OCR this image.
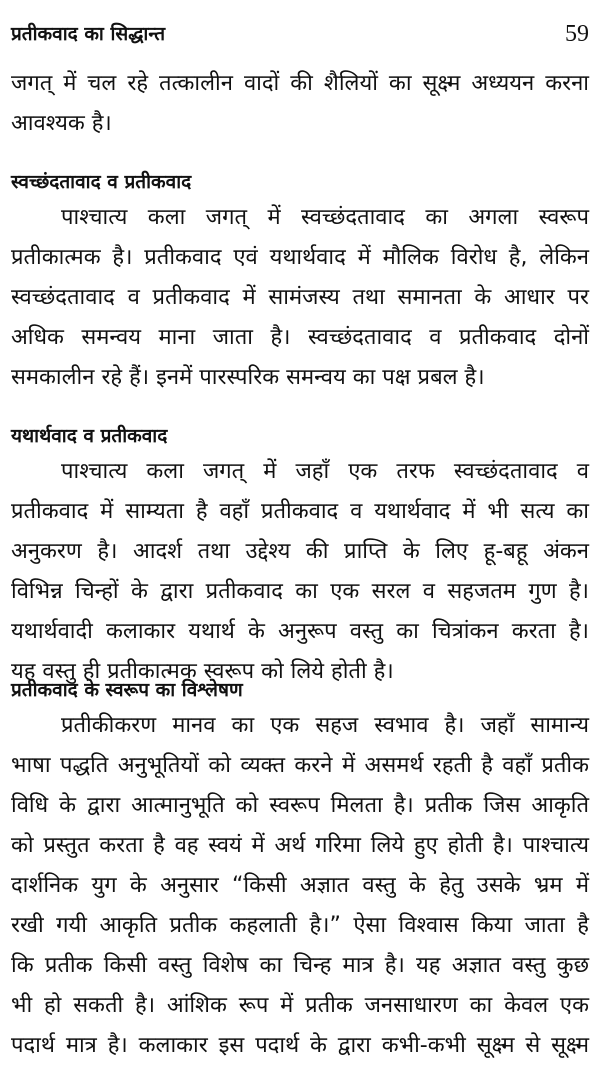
प्रतीकवाद का सिद्धान्त	59
जगत् में चल रहे तत्कालीन वादों की शैलियों का सूक्ष्म अध्ययन करना
आवश्यक है।
स्वच्छंदतावाद व प्रतीकवाद
पाश्चात्य कला जगत् में स्वच्छंदतावाद का अगला स्वरूप
प्रतीकात्मक है। प्रतीकवाद एवं यथार्थवाद में मौलिक विरोध है, लेकिन
स्वच्छंदतावाद व प्रतीकवाद में सामंजस्य तथा समानता के आधार पर
अधिक समन्वय माना जाता है। स्वच्छंदतावाद व प्रतीकवाद दोनों
समकालीन रहे हैं। इनमें पारस्परिक समन्वय का पक्ष प्रबल है।
यथार्थवाद व प्रतीकवाद
पाश्चात्य कला जगत् में जहाँ एक तरफ स्वच्छंदतावाद व
प्रतीकवाद में साम्यता है वहाँ प्रतीकवाद व यथार्थवाद में भी सत्य का
अनुकरण है। आदर्श तथा उद्देश्य की प्राप्ति के लिए हू-बहू अंकन
विभिन्न चिन्हों के द्वारा प्रतीकवाद का एक सरल व सहजतम गुण है।
यथार्थवादी कलाकार यथार्थ के अनुरूप वस्तु का चित्रांकन करता है।
यह वस्तु ही प्रतीकात्मक स्वरूप को लिये होती है।
प्रतीकवाद के स्वरूप का विश्लेषण
प्रतीकीकरण मानव का एक सहज स्वभाव है। जहाँ सामान्य
भाषा पद्धति अनुभूतियों को व्यक्त करने में असमर्थ रहती है वहाँ प्रतीक
विधि के द्वारा आत्मानुभूति को स्वरूप मिलता है। प्रतीक जिस आकृति
को प्रस्तुत करता है वह स्वयं में अर्थ गरिमा लिये हुए होती है। पाश्चात्य
दार्शनिक युग के अनुसार “किसी अज्ञात वस्तु के हेतु उसके भ्रम में
रखी गयी आकृति प्रतीक कहलाती है।” ऐसा विश्वास किया जाता है
कि प्रतीक किसी वस्तु विशेष का चिन्ह मात्र है। यह अज्ञात वस्तु कुछ
भी हो सकती है। आंशिक रूप में प्रतीक जनसाधारण का केवल एक
पदार्थ मात्र है। कलाकार इस पदार्थ के द्वारा कभी-कभी सूक्ष्म से सूक्ष्म
